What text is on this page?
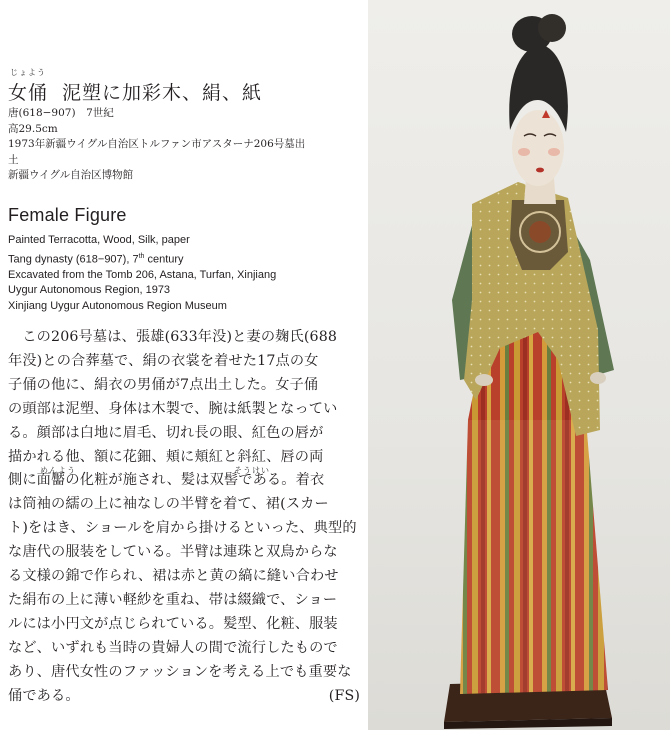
じょよう
女俑 泥塑に加彩木、絹、紙
唐(618−907)　7世紀
高29.5cm
1973年新疆ウイグル自治区トルファン市アスターナ206号墓出
土
新疆ウイグル自治区博物館
Female Figure
Painted Terracotta, Wood, Silk, paper
Tang dynasty (618−907), 7th century
Excavated from the Tomb 206, Astana, Turfan, Xinjiang
Uygur Autonomous Region, 1973
Xinjiang Uygur Autonomous Region Museum
めんよう	そうけい
　この206号墓は、張雄(633年没)と妻の麹氏(688
年没)との合葬墓で、絹の衣裳を着せた17点の女
子俑の他に、絹衣の男俑が7点出土した。女子俑
の頭部は泥塑、身体は木製で、腕は紙製となってい
る。顔部は白地に眉毛、切れ長の眼、紅色の唇が
描かれる他、額に花鈿、頬に頬紅と斜紅、唇の両
側に面靨の化粧が施され、髪は双髻である。着衣
は筒袖の繻の上に袖なしの半臂を着て、裙(スカー
ト)をはき、ショールを肩から掛けるといった、典型的
な唐代の服装をしている。半臂は連珠と双鳥からな
る文様の錦で作られ、裙は赤と黄の縞に縫い合わせ
た絹布の上に薄い軽紗を重ね、帯は綴織で、ショー
ルには小円文が点じられている。髪型、化粧、服装
など、いずれも当時の貴婦人の間で流行したもので
あり、唐代女性のファッションを考える上でも重要な
俑である。	(FS)
